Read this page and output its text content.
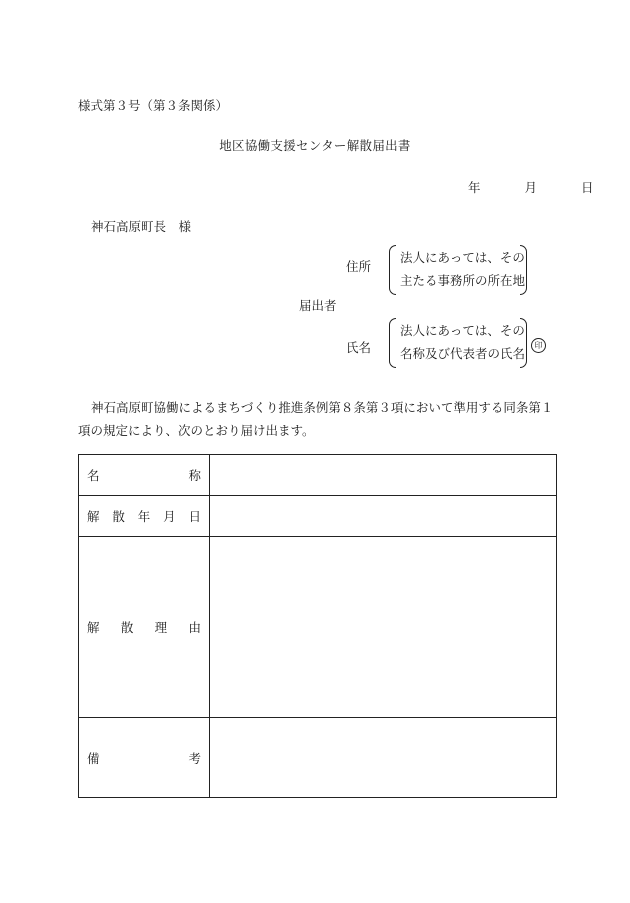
様式第３号（第３条関係）
地区協働支援センター解散届出書
年	月	日
神石高原町長　様
住所
法人にあっては、その
主たる事務所の所在地
届出者
氏名
法人にあっては、その
名称及び代表者の氏名
印
神石高原町協働によるまちづくり推進条例第８条第３項において準用する同条第１項の規定により、次のとおり届け出ます。
名 称	

解 散 年 月 日	

解 散 理 由	

備 考	
